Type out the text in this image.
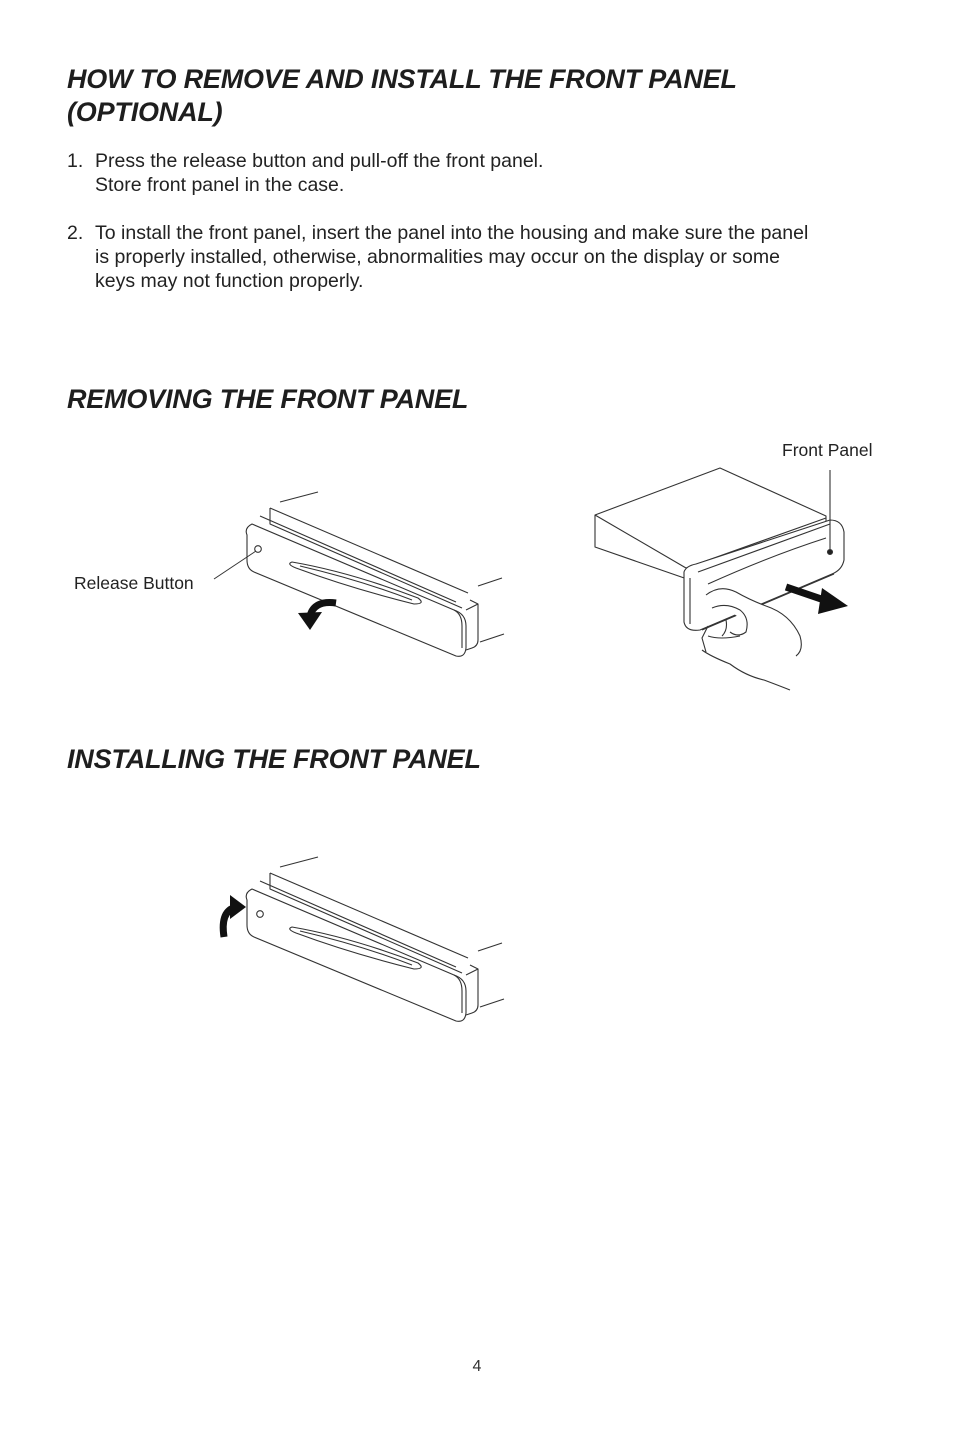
HOW TO REMOVE AND INSTALL THE FRONT PANEL (OPTIONAL)
1. Press the release button and pull-off the front panel.
Store front panel in the case.
2. To install the front panel, insert the panel into the housing and make sure the panel
is properly installed, otherwise, abnormalities may occur on the display or some
keys may not function properly.
REMOVING THE FRONT PANEL
Release Button
Front Panel
INSTALLING THE FRONT PANEL
4
